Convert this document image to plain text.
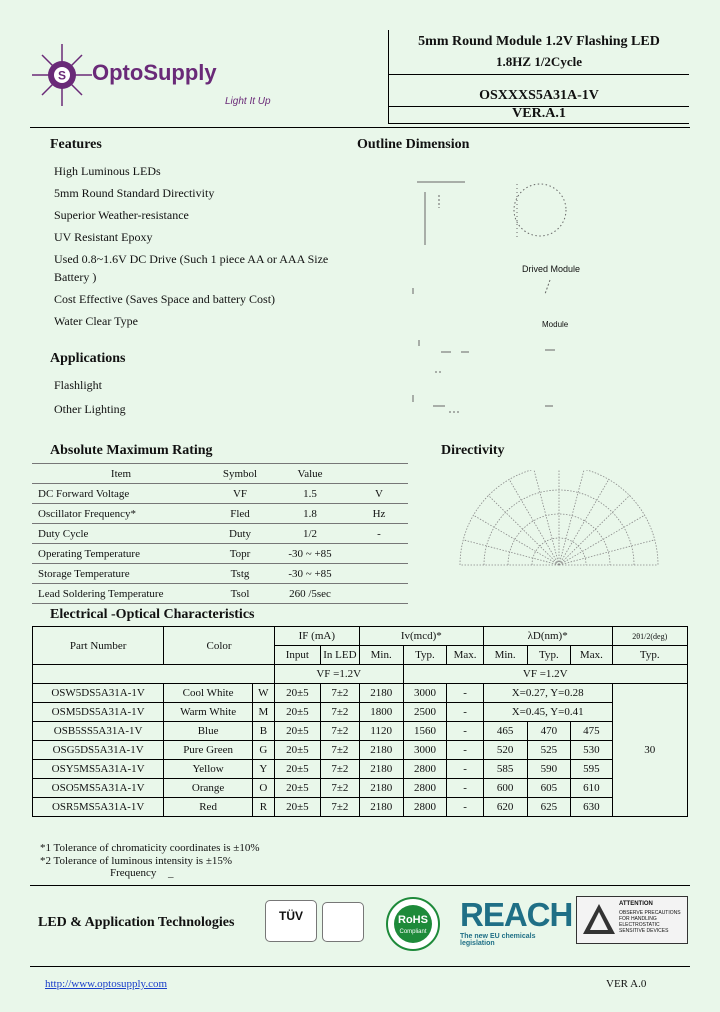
S OptoSupply
Light It Up
5mm Round Module 1.2V Flashing LED
1.8HZ 1/2Cycle
OSXXXS5A31A-1V
VER.A.1
Features
High Luminous LEDs
5mm Round Standard Directivity
Superior Weather-resistance
UV Resistant Epoxy
Used 0.8~1.6V DC Drive (Such 1 piece AA or AAA Size
Battery )
Cost Effective (Saves Space and battery Cost)
Water Clear Type
Outline Dimension
Drived Module
Module
Applications
Flashlight
Other Lighting
Absolute Maximum Rating
Item	Symbol	Value	
DC Forward Voltage	VF	1.5	V
Oscillator Frequency*	Fled	1.8	Hz
Duty Cycle	Duty	1/2	-
Operating Temperature	Topr	-30 ~ +85	
Storage Temperature	Tstg	-30 ~ +85	
Lead Soldering Temperature	Tsol	260 /5sec	
Directivity
Electrical -Optical Characteristics
Part Number	Color		IF (mA)		Iv(mcd)*			λD(nm)*			2θ1/2(deg)
			Input	In LED	Min.	Typ.	Max.	Min.	Typ.	Max.	Typ.

			VF =1.2V			VF =1.2V					
OSW5DS5A31A-1V	Cool White	W	20±5	7±2	2180	3000	-	X=0.27, Y=0.28			30
OSM5DS5A31A-1V	Warm White	M	20±5	7±2	1800	2500	-	X=0.45, Y=0.41			
OSB5SS5A31A-1V	Blue	B	20±5	7±2	1120	1560	-	465	470	475	
OSG5DS5A31A-1V	Pure Green	G	20±5	7±2	2180	3000	-	520	525	530	
OSY5MS5A31A-1V	Yellow	Y	20±5	7±2	2180	2800	-	585	590	595	
OSO5MS5A31A-1V	Orange	O	20±5	7±2	2180	2800	-	600	605	610	
OSR5MS5A31A-1V	Red	R	20±5	7±2	2180	2800	-	620	625	630	
*1 Tolerance of chromaticity coordinates is ±10%
*2 Tolerance of luminous intensity is ±15%
Frequency _
LED & Application Technologies	TÜV	RoHS
Compliant REACH
The new EU chemicals legislation
ATTENTION
OBSERVE PRECAUTIONS FOR HANDLING ELECTROSTATIC SENSITIVE DEVICES
http://www.optosupply.com	VER A.0
